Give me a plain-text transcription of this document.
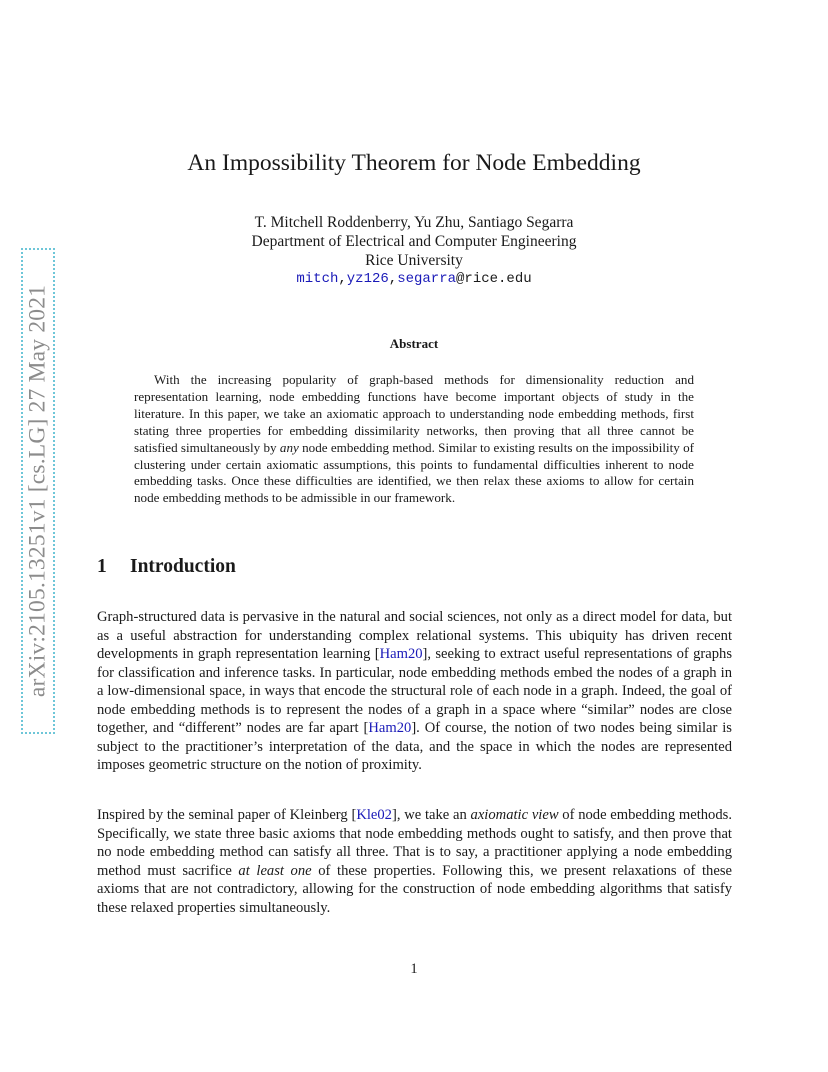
arXiv:2105.13251v1 [cs.LG] 27 May 2021
An Impossibility Theorem for Node Embedding
T. Mitchell Roddenberry, Yu Zhu, Santiago Segarra
Department of Electrical and Computer Engineering
Rice University
mitch,yz126,segarra@rice.edu
Abstract
With the increasing popularity of graph-based methods for dimensionality reduction and representation learning, node embedding functions have become important objects of study in the literature. In this paper, we take an axiomatic approach to understanding node embedding methods, first stating three properties for embedding dissimilarity networks, then proving that all three cannot be satisfied simultaneously by any node embedding method. Similar to existing results on the impossibility of clustering under certain axiomatic assumptions, this points to fundamental difficulties inherent to node embedding tasks. Once these difficulties are identified, we then relax these axioms to allow for certain node embedding methods to be admissible in our framework.
1 Introduction
Graph-structured data is pervasive in the natural and social sciences, not only as a direct model for data, but as a useful abstraction for understanding complex relational systems. This ubiquity has driven recent developments in graph representation learning [Ham20], seeking to extract useful representations of graphs for classification and inference tasks. In particular, node embedding methods embed the nodes of a graph in a low-dimensional space, in ways that encode the structural role of each node in a graph. Indeed, the goal of node embedding methods is to represent the nodes of a graph in a space where “similar” nodes are close together, and “different” nodes are far apart [Ham20]. Of course, the notion of two nodes being similar is subject to the practitioner’s interpretation of the data, and the space in which the nodes are represented imposes geometric structure on the notion of proximity.
Inspired by the seminal paper of Kleinberg [Kle02], we take an axiomatic view of node embedding methods. Specifically, we state three basic axioms that node embedding methods ought to satisfy, and then prove that no node embedding method can satisfy all three. That is to say, a practitioner applying a node embedding method must sacrifice at least one of these properties. Following this, we present relaxations of these axioms that are not contradictory, allowing for the construction of node embedding algorithms that satisfy these relaxed properties simultaneously.
1
